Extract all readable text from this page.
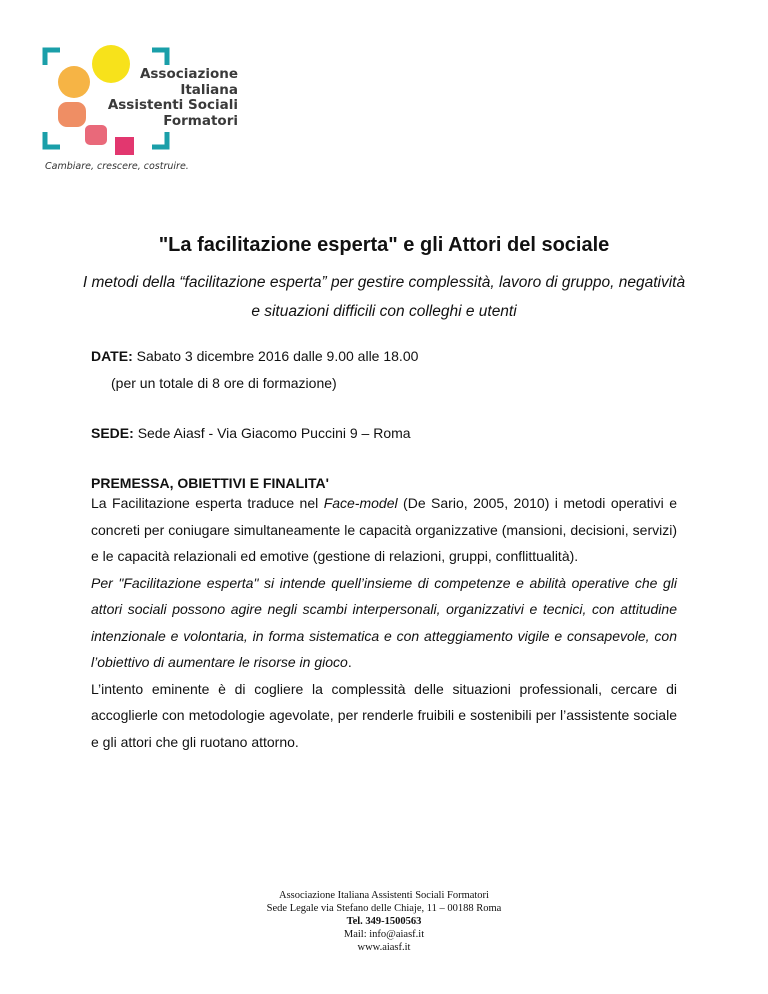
Associazione
Italiana
Assistenti Sociali
Formatori
Cambiare, crescere, costruire.
"La facilitazione esperta" e gli Attori del sociale

I metodi della “facilitazione esperta” per gestire complessità, lavoro di gruppo, negatività e situazioni difficili con colleghi e utenti

DATE: Sabato 3 dicembre 2016 dalle 9.00 alle 18.00
(per un totale di 8 ore di formazione)
SEDE: Sede Aiasf - Via Giacomo Puccini 9 – Roma
PREMESSA, OBIETTIVI E FINALITA'

La Facilitazione esperta traduce nel Face-model (De Sario, 2005, 2010) i metodi operativi e concreti per coniugare simultaneamente le capacità organizzative (mansioni, decisioni, servizi) e le capacità relazionali ed emotive (gestione di relazioni, gruppi, conflittualità).

Per "Facilitazione esperta" si intende quell’insieme di competenze e abilità operative che gli attori sociali possono agire negli scambi interpersonali, organizzativi e tecnici, con attitudine intenzionale e volontaria, in forma sistematica e con atteggiamento vigile e consapevole, con l’obiettivo di aumentare le risorse in gioco.

L’intento eminente è di cogliere la complessità delle situazioni professionali, cercare di accoglierle con metodologie agevolate, per renderle fruibili e sostenibili per l’assistente sociale e gli attori che gli ruotano attorno.

Associazione Italiana Assistenti Sociali Formatori
Sede Legale via Stefano delle Chiaje, 11 – 00188 Roma
Tel. 349-1500563
Mail: info@aiasf.it
www.aiasf.it
